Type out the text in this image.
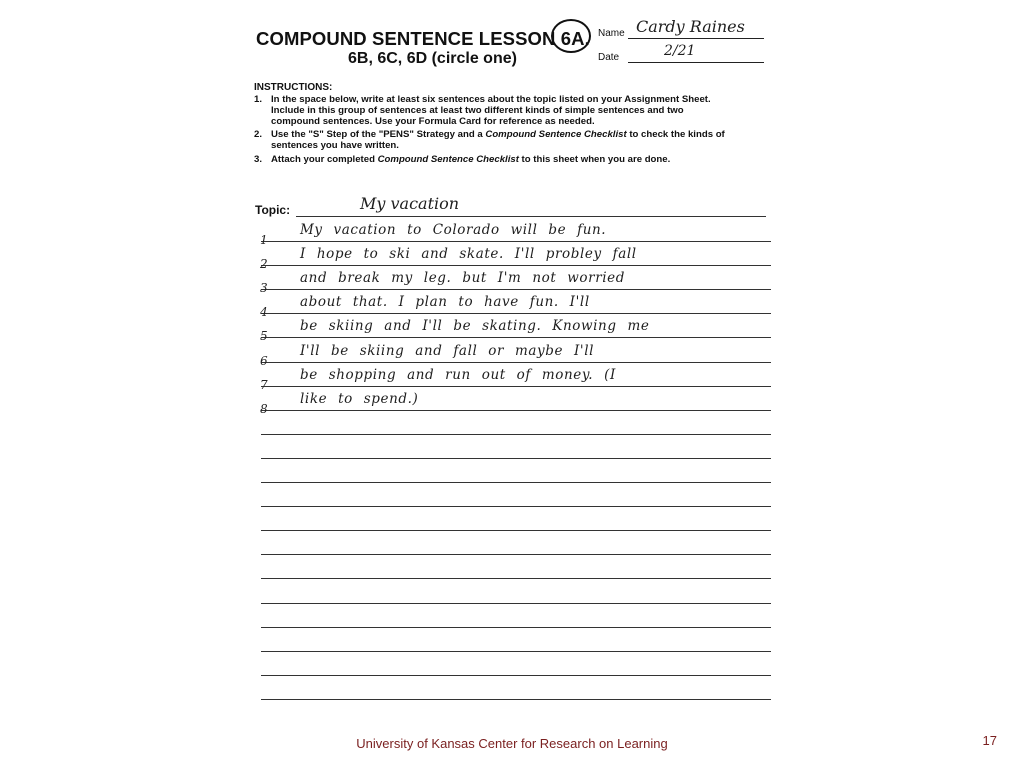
COMPOUND SENTENCE LESSON 6A.
6B, 6C, 6D (circle one)
Name Cardy Raines
Date	2/21
INSTRUCTIONS:
1. In the space below, write at least six sentences about the topic listed on your Assignment Sheet.
Include in this group of sentences at least two different kinds of simple sentences and two
compound sentences. Use your Formula Card for reference as needed.
2. Use the "S" Step of the "PENS" Strategy and a Compound Sentence Checklist to check the kinds of
sentences you have written.
3. Attach your completed Compound Sentence Checklist to this sheet when you are done.
Topic:	My vacation
1
My vacation to Colorado will be fun.
2
I hope to ski and skate. I'll probley fall
3
and break my leg. but I'm not worried
4
about that. I plan to have fun. I'll
5
be skiing and I'll be skating. Knowing me
6
I'll be skiing and fall or maybe I'll
7
be shopping and run out of money. (I
8
like to spend.)
University of Kansas Center for Research on Learning	17
